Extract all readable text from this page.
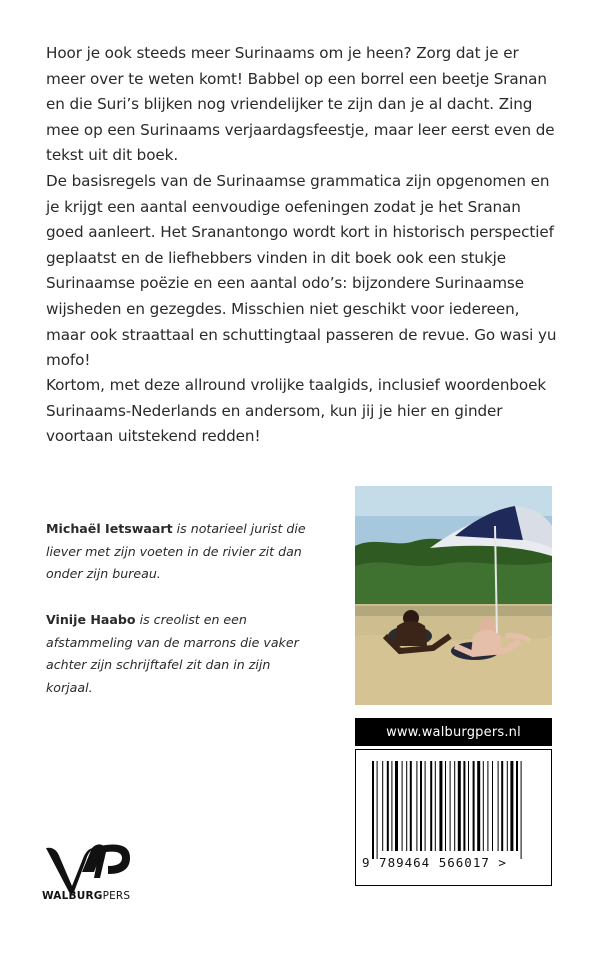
Hoor je ook steeds meer Surinaams om je heen? Zorg dat je er meer over te weten komt! Babbel op een borrel een beetje Sranan en die Suri’s blijken nog vriendelijker te zijn dan je al dacht. Zing mee op een Surinaams verjaardagsfeestje, maar leer eerst even de tekst uit dit boek.

De basisregels van de Surinaamse grammatica zijn opgenomen en je krijgt een aantal eenvoudige oefeningen zodat je het Sranan goed aanleert. Het Sranantongo wordt kort in historisch perspectief geplaatst en de liefhebbers vinden in dit boek ook een stukje Surinaamse poëzie en een aantal odo’s: bijzondere Surinaamse wijsheden en gezegdes. Misschien niet geschikt voor iedereen, maar ook straattaal en schuttingtaal passeren de revue. Go wasi yu mofo!

Kortom, met deze allround vrolijke taalgids, inclusief woordenboek Surinaams-Nederlands en andersom, kun jij je hier en ginder voortaan uitstekend redden!

Michaël Ietswaart is notarieel jurist die liever met zijn voeten in de rivier zit dan onder zijn bureau.

Vinije Haabo is creolist en een afstammeling van de marrons die vaker achter zijn schrijftafel zit dan in zijn korjaal.

www.walburgpers.nl
9 789464 566017 >
WALBURGPERS
